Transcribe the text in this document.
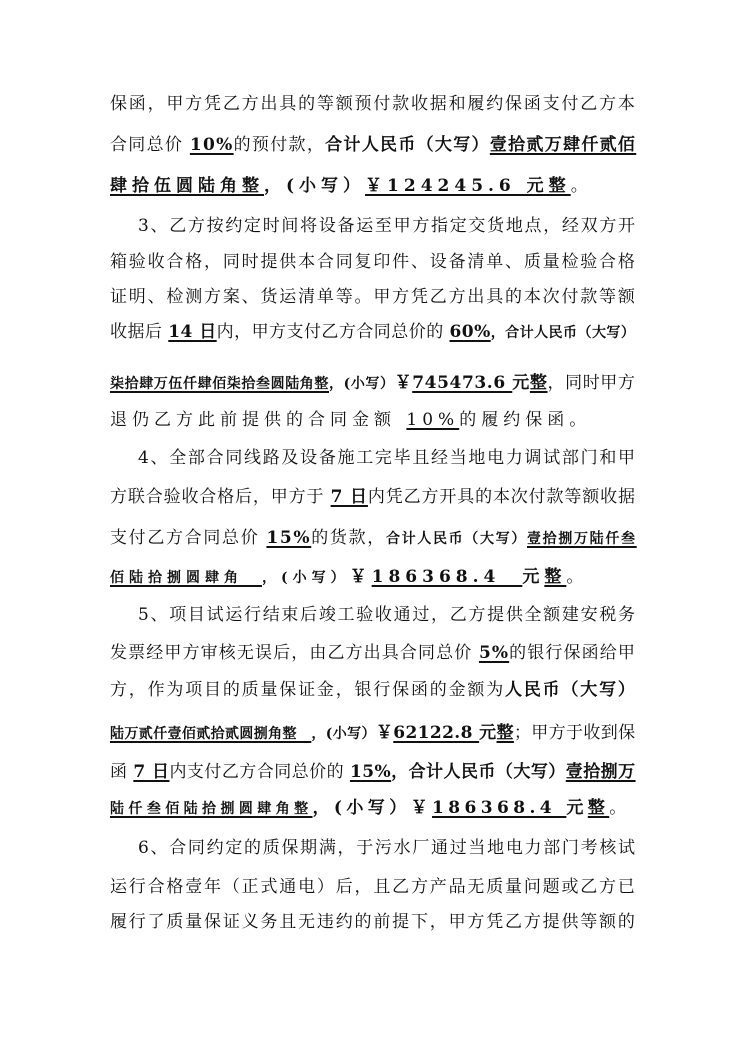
保函，甲方凭乙方出具的等额预付款收据和履约保函支付乙方本
合同总价 10%的预付款，合计人民币（大写）壹拾贰万肆仟贰佰
肆拾伍圆陆角整，(小写）￥124245.6 元整。
3、乙方按约定时间将设备运至甲方指定交货地点，经双方开
箱验收合格，同时提供本合同复印件、设备清单、质量检验合格
证明、检测方案、货运清单等。甲方凭乙方出具的本次付款等额
收据后 14 日内，甲方支付乙方合同总价的 60%，合计人民币（大写）
柒拾肆万伍仟肆佰柒拾叁圆陆角整，(小写）￥745473.6 元整，同时甲方
退仍乙方此前提供的合同金额 10%的履约保函。
4、全部合同线路及设备施工完毕且经当地电力调试部门和甲
方联合验收合格后，甲方于 7 日内凭乙方开具的本次付款等额收据
支付乙方合同总价 15%的货款，合计人民币（大写）壹拾捌万陆仟叁
佰陆拾捌圆肆角　，(小写）￥186368.4　元整。
5、项目试运行结束后竣工验收通过，乙方提供全额建安税务
发票经甲方审核无误后，由乙方出具合同总价 5%的银行保函给甲
方，作为项目的质量保证金，银行保函的金额为人民币（大写）
陆万贰仟壹佰贰拾贰圆捌角整　，(小写）￥62122.8 元整；甲方于收到保
函 7 日内支付乙方合同总价的 15%，合计人民币（大写）壹拾捌万
陆仟叁佰陆拾捌圆肆角整，(小写）￥186368.4 元整。
6、合同约定的质保期满，于污水厂通过当地电力部门考核试
运行合格壹年（正式通电）后，且乙方产品无质量问题或乙方已
履行了质量保证义务且无违约的前提下，甲方凭乙方提供等额的
